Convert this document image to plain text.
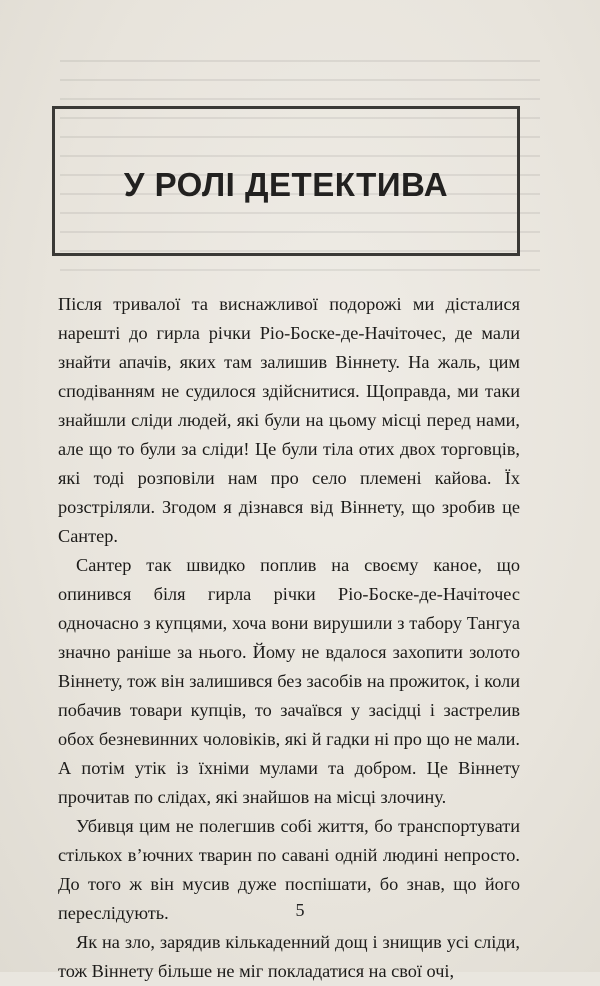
У РОЛІ ДЕТЕКТИВА

Після тривалої та виснажливої подорожі ми дісталися нарешті до гирла річки Ріо-Боске-де-Начіточес, де мали знайти апачів, яких там залишив Віннету. На жаль, цим сподіванням не судилося здійснитися. Щоправда, ми таки знайшли сліди людей, які були на цьому місці перед нами, але що то були за сліди! Це були тіла отих двох торговців, які тоді розповіли нам про село племені кайова. Їх розстріляли. Згодом я дізнався від Віннету, що зробив це Сантер.

Сантер так швидко поплив на своєму каное, що опинився біля гирла річки Ріо-Боске-де-Начіточес одночасно з купцями, хоча вони вирушили з табору Тангуа значно раніше за нього. Йому не вдалося захопити золото Віннету, тож він залишився без засобів на прожиток, і коли побачив товари купців, то зачаївся у засідці і застрелив обох безневинних чоловіків, які й гадки ні про що не мали. А потім утік із їхніми мулами та добром. Це Віннету прочитав по слідах, які знайшов на місці злочину.

Убивця цим не полегшив собі життя, бо транспортувати стількох в’ючних тварин по савані одній людині непросто. До того ж він мусив дуже поспішати, бо знав, що його переслідують.

Як на зло, зарядив кількаденний дощ і знищив усі сліди, тож Віннету більше не міг покладатися на свої очі,

5
